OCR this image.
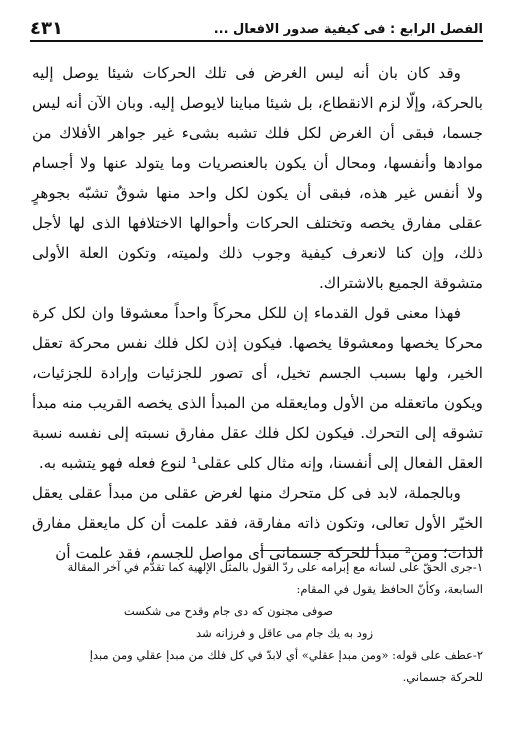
الفصل الرابع : فى كيفية صدور الافعال ...
٤٣١

وقد كان بان أنه ليس الغرض فى تلك الحركات شيئا يوصل إليه بالحركة، وإلّا لزم الانقطاع، بل شيئا مباينا لايوصل إليه. وبان الآن أنه ليس جسما، فبقى أن الغرض لكل فلك تشبه بشىء غير جواهر الأفلاك من موادها وأنفسها، ومحال أن يكون بالعنصريات وما يتولد عنها ولا أجسام ولا أنفس غير هذه، فبقى أن يكون لكل واحد منها شوقٌ تشبّه بجوهرٍ عقلى مفارق يخصه وتختلف الحركات وأحوالها الاختلافها الذى لها لأجل ذلك، وإن كنا لانعرف كيفية وجوب ذلك ولميته، وتكون العلة الأولى متشوقة الجميع بالاشتراك.

فهذا معنى قول القدماء إن للكل محركاً واحداً معشوقا وان لكل كرة محركا يخصها ومعشوقا يخصها. فيكون إذن لكل فلك نفس محركة تعقل الخير، ولها بسبب الجسم تخيل، أى تصور للجزئيات وإرادة للجزئيات، ويكون ماتعقله من الأول ومايعقله من المبدأ الذى يخصه القريب منه مبدأ تشوقه إلى التحرك. فيكون لكل فلك عقل مفارق نسبته إلى نفسه نسبة العقل الفعال إلى أنفسنا، وإنه مثال كلى عقلى¹ لنوع فعله فهو يتشبه به.

وبالجملة، لابد فى كل متحرك منها لغرض عقلى من مبدأ عقلى يعقل الخيّر الأول تعالى، وتكون ذاته مفارقة، فقد علمت أن كل مايعقل مفارق الذات؛ ومن² مبدأ للحركة جسمانى أى مواصل للجسم، فقد علمت أن

١-جرى الحقّ على لسانه مع إبرامه على ردّ القول بالمثل الإلهية كما تقدّم في آخر المقالة

السابعة، وكأنّ الحافظ يقول في المقام:

صوفى مجنون كه دى جام وقدح مى شكست

زود به يك جام مى عاقل و فرزانه شد

٢-عطف على قوله: «ومن مبدإ عقلي» أي لابدّ في كل فلك من مبدإ عقلي ومن مبدإ

للحركة جسماني.
